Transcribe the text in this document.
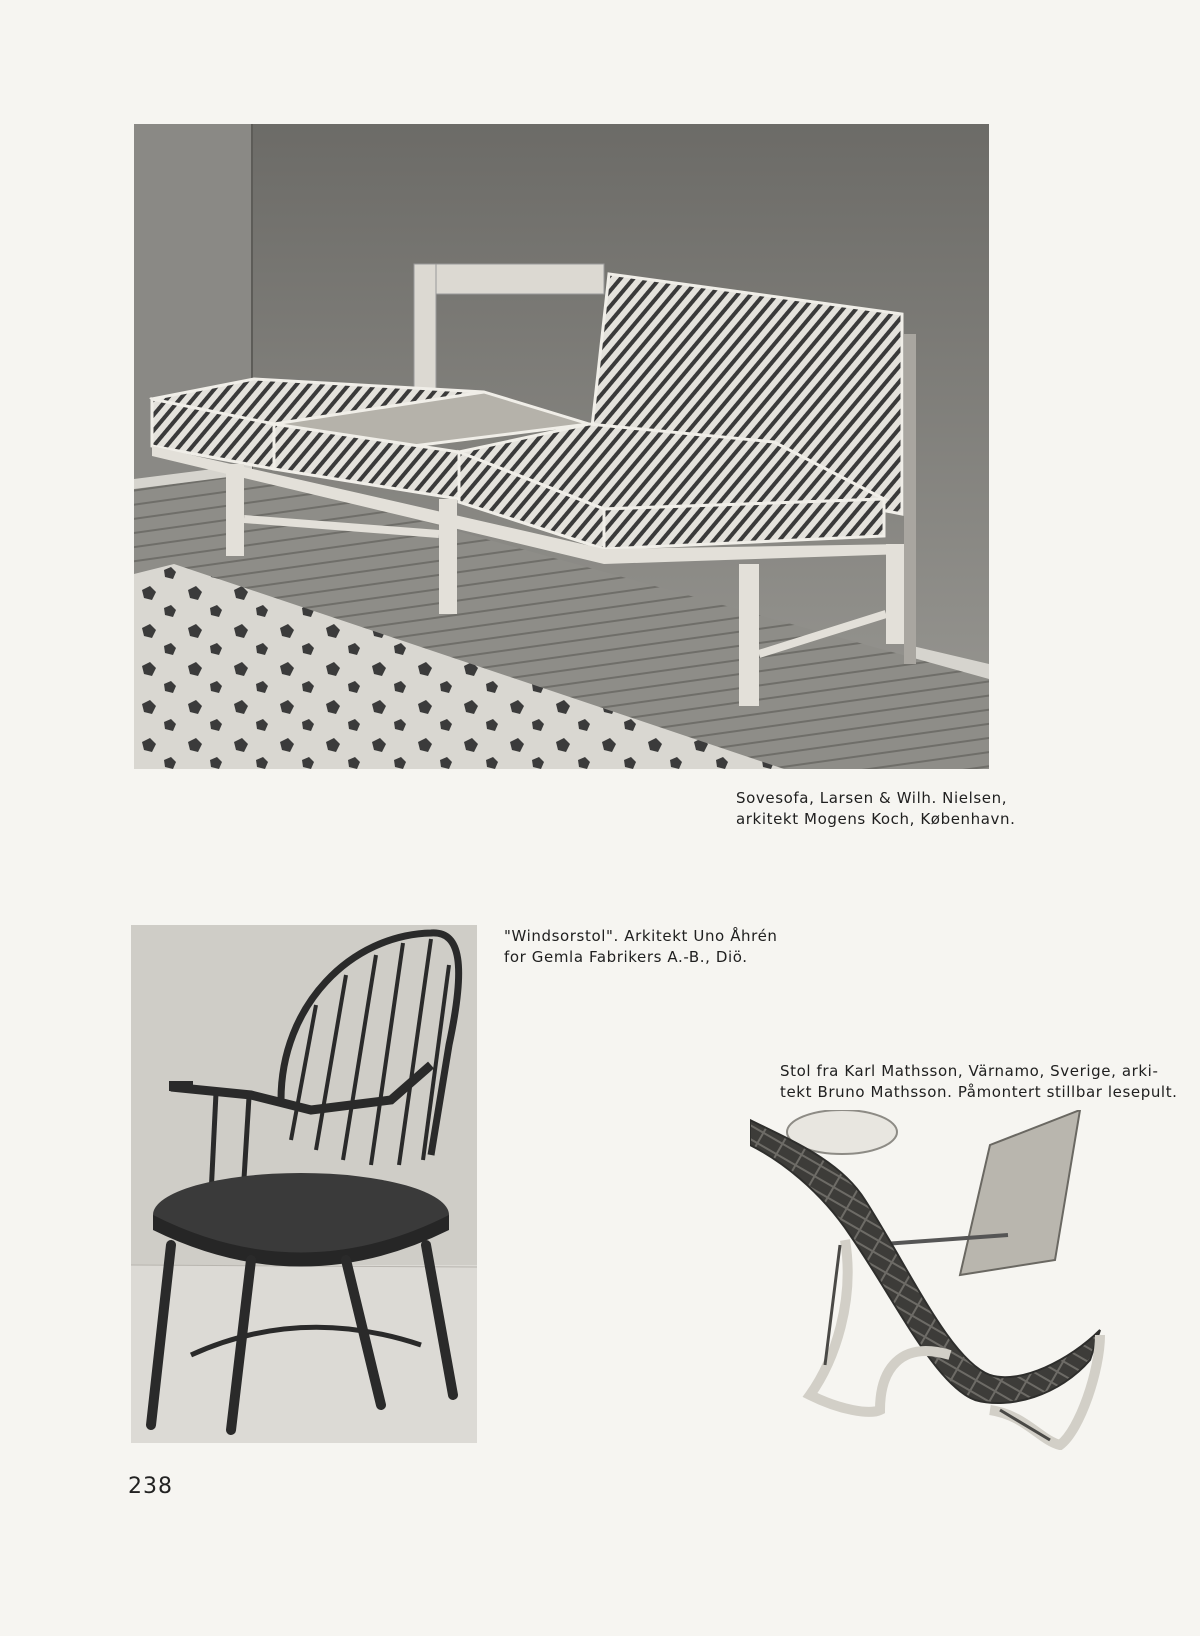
Sovesofa, Larsen & Wilh. Nielsen,
arkitekt Mogens Koch, København.
"Windsorstol". Arkitekt Uno Åhrén
for Gemla Fabrikers A.-B., Diö.
Stol fra Karl Mathsson, Värnamo, Sverige, arki-
tekt Bruno Mathsson. Påmontert stillbar lesepult.
238
